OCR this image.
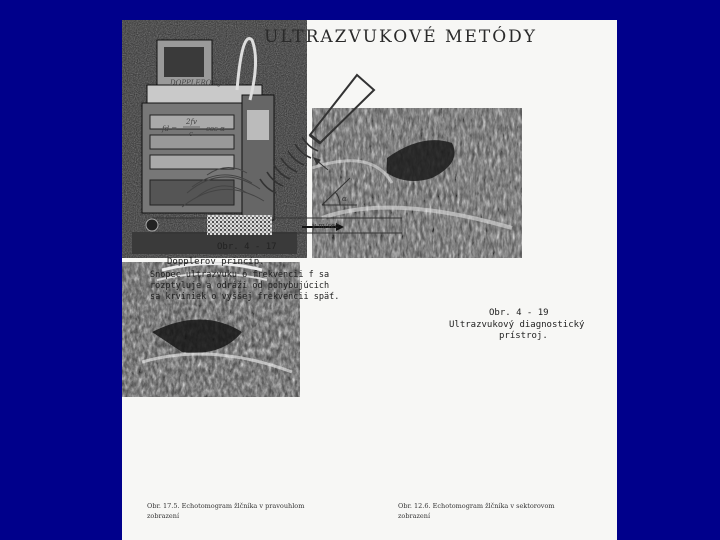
ULTRAZVUKOVÉ METÓDY
DOPPLEROV JEV
fd =
2fv
c
cos α
α
v m/sec
Obr. 4 - 17
Dopplerov princíp.
Snopec ultrazvuku o frekvencii f sa
rozptyluje a odráži od pohybujúcich
sa krviniek o vyššej frekvencii späť.

Obr. 4 - 19
Ultrazvukový diagnostický
prístroj.

Obr. 17.5. Echotomogram žlčníka v pravouhlom
zobrazení
Obr. 12.6. Echotomogram žlčníka v sektorovom
zobrazení
